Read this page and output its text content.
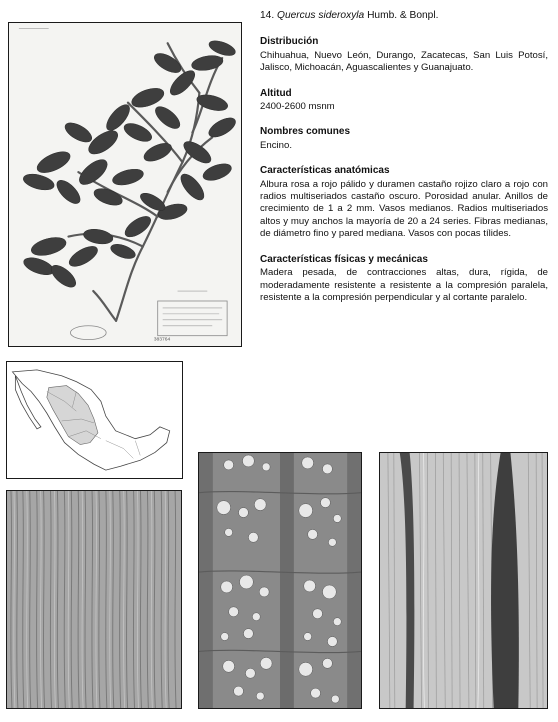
383764
14. Quercus sideroxyla Humb. & Bonpl.
Distribución

Chihuahua, Nuevo León, Durango, Zacatecas, San Luis Potosí, Jalisco, Michoacán, Aguascalientes y Guanajuato.

Altitud

2400-2600 msnm

Nombres comunes

Encino.

Características anatómicas

Albura rosa a rojo pálido y duramen castaño rojizo claro a rojo con radios multiseriados castaño oscuro. Porosidad anular. Anillos de crecimiento de 1 a 2 mm. Vasos medianos. Radios multiseriados altos y muy anchos la mayoría de 20 a 24 series. Fibras medianas, de diámetro fino y pared mediana. Vasos con pocas tílides.

Características físicas y mecánicas

Madera pesada, de contracciones altas, dura, rígida, de moderadamente resistente a resistente a la compresión paralela, resistente a la compresión perpendicular y al cortante paralelo.
